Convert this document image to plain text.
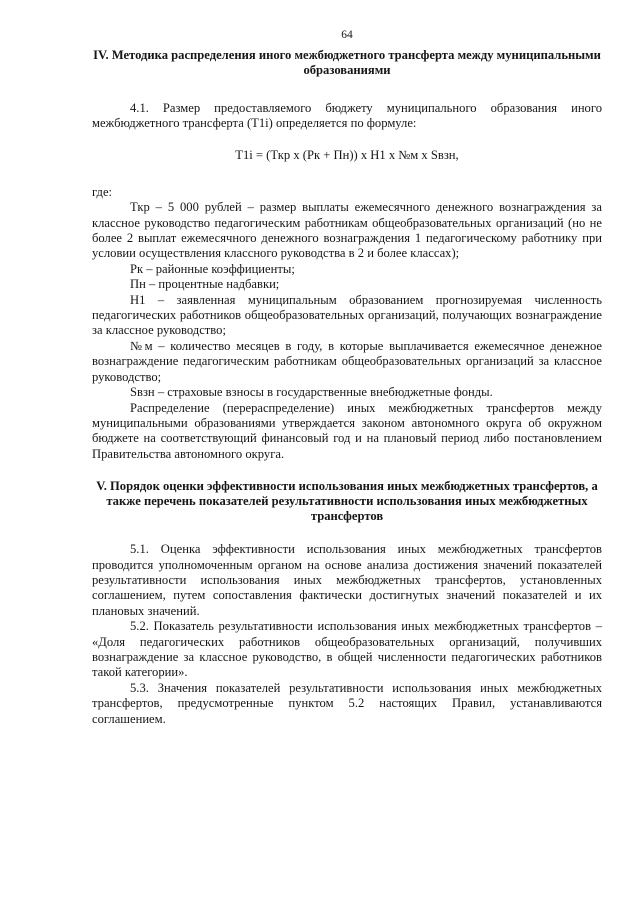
64
IV. Методика распределения иного межбюджетного трансферта между муниципальными образованиями

4.1. Размер предоставляемого бюджету муниципального образования иного межбюджетного трансферта (Т1i) определяется по формуле:

Т1i = (Ткр х (Рк + Пн)) х Н1 х №м х Sвзн,

где:

Ткр – 5 000 рублей – размер выплаты ежемесячного денежного вознаграждения за классное руководство педагогическим работникам общеобразовательных организаций (но не более 2 выплат ежемесячного денежного вознаграждения 1 педагогическому работнику при условии осуществления классного руководства в 2 и более классах);

Рк – районные коэффициенты;

Пн – процентные надбавки;

Н1 – заявленная муниципальным образованием прогнозируемая численность педагогических работников общеобразовательных организаций, получающих вознаграждение за классное руководство;

№м – количество месяцев в году, в которые выплачивается ежемесячное денежное вознаграждение педагогическим работникам общеобразовательных организаций за классное руководство;

Sвзн – страховые взносы в государственные внебюджетные фонды.

Распределение (перераспределение) иных межбюджетных трансфертов между муниципальными образованиями утверждается законом автономного округа об окружном бюджете на соответствующий финансовый год и на плановый период либо постановлением Правительства автономного округа.

V. Порядок оценки эффективности использования иных межбюджетных трансфертов, а также перечень показателей результативности использования иных межбюджетных трансфертов

5.1. Оценка эффективности использования иных межбюджетных трансфертов проводится уполномоченным органом на основе анализа достижения значений показателей результативности использования иных межбюджетных трансфертов, установленных соглашением, путем сопоставления фактически достигнутых значений показателей и их плановых значений.

5.2. Показатель результативности использования иных межбюджетных трансфертов – «Доля педагогических работников общеобразовательных организаций, получивших вознаграждение за классное руководство, в общей численности педагогических работников такой категории».

5.3. Значения показателей результативности использования иных межбюджетных трансфертов, предусмотренные пунктом 5.2 настоящих Правил, устанавливаются соглашением.
